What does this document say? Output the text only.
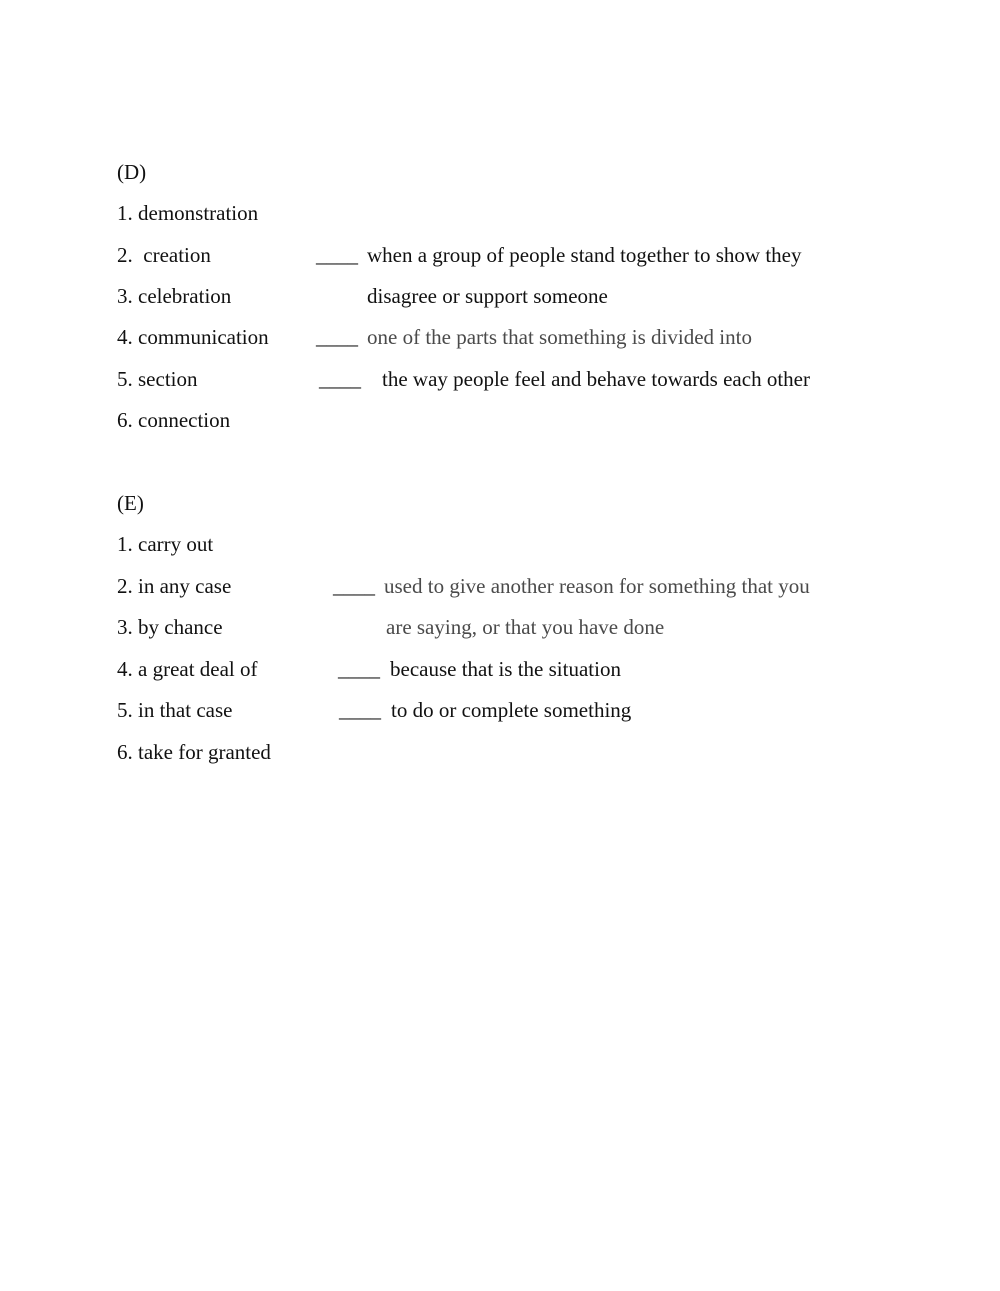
(D)
1. demonstration
2.  creation
3. celebration
4. communication
5. section
6. connection
____ when a group of people stand together to show they
disagree or support someone
____ one of the parts that something is divided into
____ the way people feel and behave towards each other
(E)
1. carry out
2. in any case
3. by chance
4. a great deal of
5. in that case
6. take for granted
____ used to give another reason for something that you
are saying, or that you have done
____ because that is the situation
____ to do or complete something
